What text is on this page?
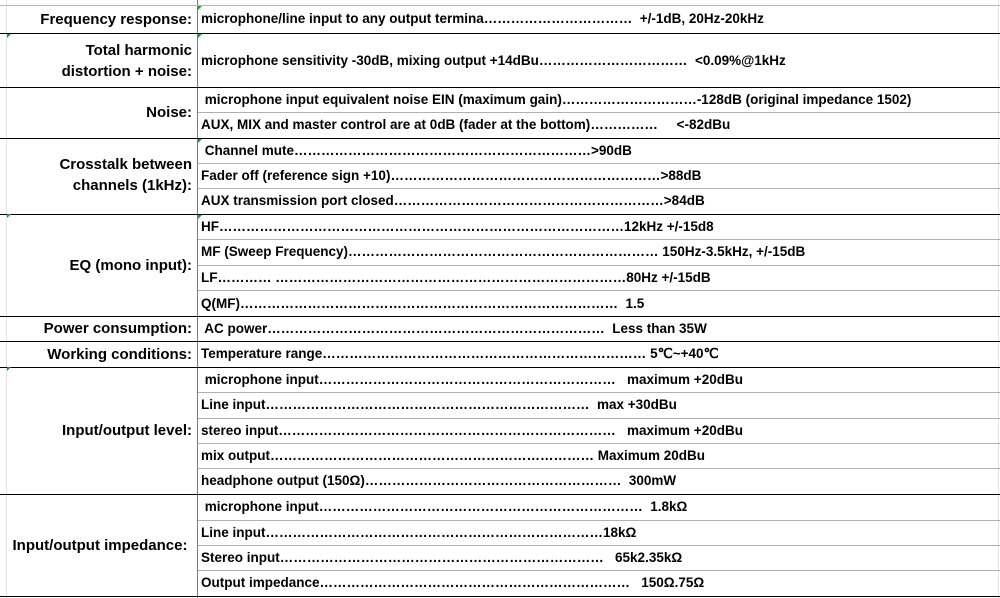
Frequency response: microphone/line input to any output termina…………………………… +/-1dB, 20Hz-20kHz
Total harmonic
distortion + noise:
microphone sensitivity -30dB, mixing output +14dBu…………………………… <0.09%@1kHz
Noise:
microphone input equivalent noise EIN (maximum gain)…………………………-128dB (original impedance 1502)
AUX, MIX and master control are at 0dB (fader at the bottom)…………… <-82dBu
Crosstalk between
channels (1kHz):
Channel mute…………………………………………………………>90dB
Fader off (reference sign +10)……………………………………………………>88dB
AUX transmission port closed……………………………………………………>84dB
EQ (mono input):
HF………………………………………………………………………………12kHz +/-15d8
MF (Sweep Frequency)…………………………………………………………… 150Hz-3.5kHz, +/-15dB
LF………… ……………………………………………………………………80Hz +/-15dB
Q(MF)………………………………………………………………………… 1.5
Power consumption: AC power………………………………………………………………… Less than 35W
Working conditions: Temperature range……………………………………………………………… 5℃~+40℃
Input/output level:
microphone input………………………………………………………… maximum +20dBu
Line input……………………………………………………………… max +30dBu
stereo input………………………………………………………………… maximum +20dBu
mix output……………………………………………………………… Maximum 20dBu
headphone output (150Ω)………………………………………………… 300mW
Input/output impedance:
microphone input……………………………………………………………… 1.8kΩ
Line input…………………………………………………………………18kΩ
Stereo input……………………………………………………………… 65k2.35kΩ
Output impedance…………………………………………………………… 150Ω.75Ω
